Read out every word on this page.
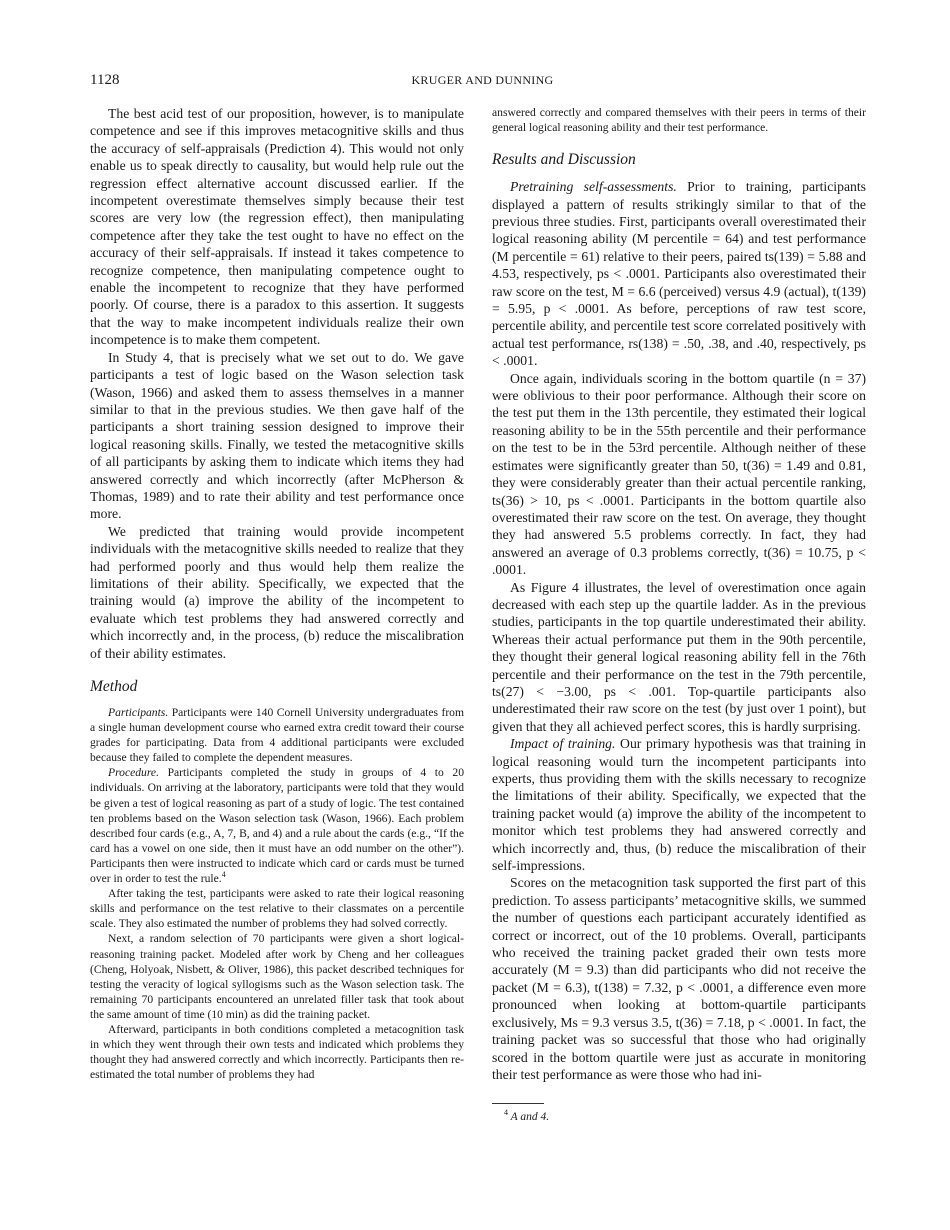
1128	KRUGER AND DUNNING

The best acid test of our proposition, however, is to manipulate competence and see if this improves metacognitive skills and thus the accuracy of self-appraisals (Prediction 4). This would not only enable us to speak directly to causality, but would help rule out the regression effect alternative account discussed earlier. If the incompetent overestimate themselves simply because their test scores are very low (the regression effect), then manipulating competence after they take the test ought to have no effect on the accuracy of their self-appraisals. If instead it takes competence to recognize competence, then manipulating competence ought to enable the incompetent to recognize that they have performed poorly. Of course, there is a paradox to this assertion. It suggests that the way to make incompetent individuals realize their own incompetence is to make them competent.

In Study 4, that is precisely what we set out to do. We gave participants a test of logic based on the Wason selection task (Wason, 1966) and asked them to assess themselves in a manner similar to that in the previous studies. We then gave half of the participants a short training session designed to improve their logical reasoning skills. Finally, we tested the metacognitive skills of all participants by asking them to indicate which items they had answered correctly and which incorrectly (after McPherson & Thomas, 1989) and to rate their ability and test performance once more.

We predicted that training would provide incompetent individuals with the metacognitive skills needed to realize that they had performed poorly and thus would help them realize the limitations of their ability. Specifically, we expected that the training would (a) improve the ability of the incompetent to evaluate which test problems they had answered correctly and which incorrectly and, in the process, (b) reduce the miscalibration of their ability estimates.

Method

Participants. Participants were 140 Cornell University undergraduates from a single human development course who earned extra credit toward their course grades for participating. Data from 4 additional participants were excluded because they failed to complete the dependent measures.

Procedure. Participants completed the study in groups of 4 to 20 individuals. On arriving at the laboratory, participants were told that they would be given a test of logical reasoning as part of a study of logic. The test contained ten problems based on the Wason selection task (Wason, 1966). Each problem described four cards (e.g., A, 7, B, and 4) and a rule about the cards (e.g., “If the card has a vowel on one side, then it must have an odd number on the other”). Participants then were instructed to indicate which card or cards must be turned over in order to test the rule.$^4$

After taking the test, participants were asked to rate their logical reasoning skills and performance on the test relative to their classmates on a percentile scale. They also estimated the number of problems they had solved correctly.

Next, a random selection of 70 participants were given a short logical-reasoning training packet. Modeled after work by Cheng and her colleagues (Cheng, Holyoak, Nisbett, & Oliver, 1986), this packet described techniques for testing the veracity of logical syllogisms such as the Wason selection task. The remaining 70 participants encountered an unrelated filler task that took about the same amount of time (10 min) as did the training packet.

Afterward, participants in both conditions completed a metacognition task in which they went through their own tests and indicated which problems they thought they had answered correctly and which incorrectly. Participants then re-estimated the total number of problems they had

answered correctly and compared themselves with their peers in terms of their general logical reasoning ability and their test performance.

Results and Discussion

Pretraining self-assessments. Prior to training, participants displayed a pattern of results strikingly similar to that of the previous three studies. First, participants overall overestimated their logical reasoning ability (M percentile = 64) and test performance (M percentile = 61) relative to their peers, paired ts(139) = 5.88 and 4.53, respectively, ps < .0001. Participants also overestimated their raw score on the test, M = 6.6 (perceived) versus 4.9 (actual), t(139) = 5.95, p < .0001. As before, perceptions of raw test score, percentile ability, and percentile test score correlated positively with actual test performance, rs(138) = .50, .38, and .40, respectively, ps < .0001.

Once again, individuals scoring in the bottom quartile (n = 37) were oblivious to their poor performance. Although their score on the test put them in the 13th percentile, they estimated their logical reasoning ability to be in the 55th percentile and their performance on the test to be in the 53rd percentile. Although neither of these estimates were significantly greater than 50, t(36) = 1.49 and 0.81, they were considerably greater than their actual percentile ranking, ts(36) > 10, ps < .0001. Participants in the bottom quartile also overestimated their raw score on the test. On average, they thought they had answered 5.5 problems correctly. In fact, they had answered an average of 0.3 problems correctly, t(36) = 10.75, p < .0001.

As Figure 4 illustrates, the level of overestimation once again decreased with each step up the quartile ladder. As in the previous studies, participants in the top quartile underestimated their ability. Whereas their actual performance put them in the 90th percentile, they thought their general logical reasoning ability fell in the 76th percentile and their performance on the test in the 79th percentile, ts(27) < −3.00, ps < .001. Top-quartile participants also underestimated their raw score on the test (by just over 1 point), but given that they all achieved perfect scores, this is hardly surprising.

Impact of training. Our primary hypothesis was that training in logical reasoning would turn the incompetent participants into experts, thus providing them with the skills necessary to recognize the limitations of their ability. Specifically, we expected that the training packet would (a) improve the ability of the incompetent to monitor which test problems they had answered correctly and which incorrectly and, thus, (b) reduce the miscalibration of their self-impressions.

Scores on the metacognition task supported the first part of this prediction. To assess participants’ metacognitive skills, we summed the number of questions each participant accurately identified as correct or incorrect, out of the 10 problems. Overall, participants who received the training packet graded their own tests more accurately (M = 9.3) than did participants who did not receive the packet (M = 6.3), t(138) = 7.32, p < .0001, a difference even more pronounced when looking at bottom-quartile participants exclusively, Ms = 9.3 versus 3.5, t(36) = 7.18, p < .0001. In fact, the training packet was so successful that those who had originally scored in the bottom quartile were just as accurate in monitoring their test performance as were those who had ini-

$^4$ A and 4.
